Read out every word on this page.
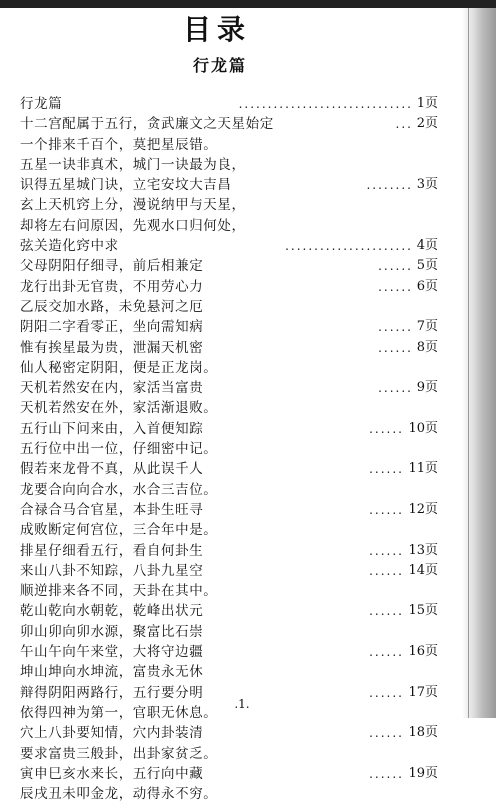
目录
行龙篇
行龙篇	.............................. 1页
十二宫配属于五行，贪武廉文之天星始定	... 2页
一个排来千百个，莫把星辰错。
五星一诀非真术，城门一诀最为良，
识得五星城门诀，立宅安坟大吉昌	........ 3页
玄上天机窍上分，漫说纳甲与天星，
却将左右问原因，先观水口归何处，
弦关造化窍中求	...................... 4页
父母阴阳仔细寻，前后相兼定	...... 5页
龙行出卦无官贵，不用劳心力	...... 6页
乙辰交加水路，未免悬河之厄
阴阳二字看零正，坐向需知病	...... 7页
惟有挨星最为贵，泄漏天机密	...... 8页
仙人秘密定阴阳，便是正龙岗。
天机若然安在内，家活当富贵	...... 9页
天机若然安在外，家活渐退败。
五行山下问来由，入首便知踪	...... 10页
五行位中出一位，仔细密中记。
假若来龙骨不真，从此误千人	...... 11页
龙要合向向合水，水合三吉位。
合禄合马合官星，本卦生旺寻	...... 12页
成败断定何宫位，三合年中是。
排星仔细看五行，看自何卦生	...... 13页
来山八卦不知踪，八卦九星空	...... 14页
顺逆排来各不同，天卦在其中。
乾山乾向水朝乾，乾峰出状元	...... 15页
卯山卯向卯水源，聚富比石崇
午山午向午来堂，大将守边疆	...... 16页
坤山坤向水坤流，富贵永无休
辩得阴阳两路行，五行要分明	...... 17页
依得四神为第一，官职无休息。
穴上八卦要知情，穴内卦装清	...... 18页
要求富贵三般卦，出卦家贫乏。
寅申巳亥水来长，五行向中藏	...... 19页
辰戌丑未叩金龙，动得永不穷。
.1.
